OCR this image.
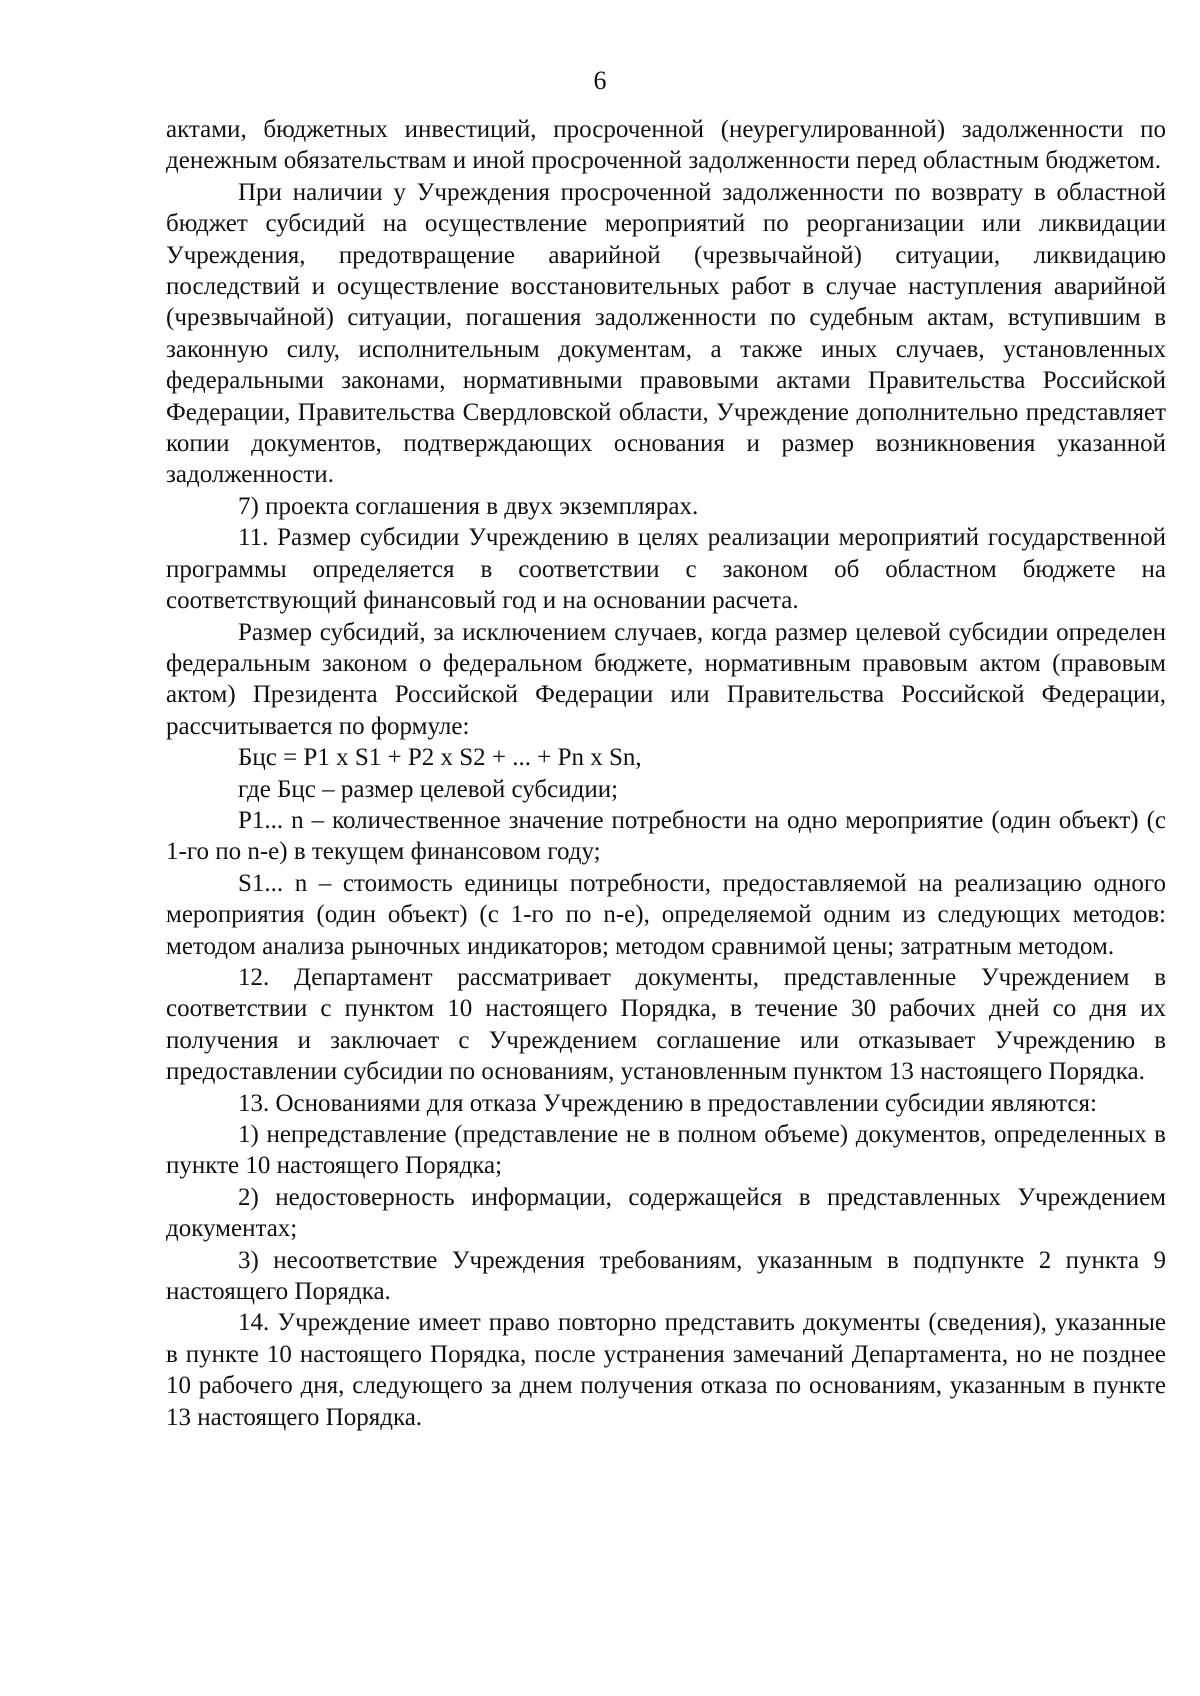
6

актами, бюджетных инвестиций, просроченной (неурегулированной) задолженности по денежным обязательствам и иной просроченной задолженности перед областным бюджетом.

При наличии у Учреждения просроченной задолженности по возврату в областной бюджет субсидий на осуществление мероприятий по реорганизации или ликвидации Учреждения, предотвращение аварийной (чрезвычайной) ситуации, ликвидацию последствий и осуществление восстановительных работ в случае наступления аварийной (чрезвычайной) ситуации, погашения задолженности по судебным актам, вступившим в законную силу, исполнительным документам, а также иных случаев, установленных федеральными законами, нормативными правовыми актами Правительства Российской Федерации, Правительства Свердловской области, Учреждение дополнительно представляет копии документов, подтверждающих основания и размер возникновения указанной задолженности.

7) проекта соглашения в двух экземплярах.

11. Размер субсидии Учреждению в целях реализации мероприятий государственной программы определяется в соответствии с законом об областном бюджете на соответствующий финансовый год и на основании расчета.

Размер субсидий, за исключением случаев, когда размер целевой субсидии определен федеральным законом о федеральном бюджете, нормативным правовым актом (правовым актом) Президента Российской Федерации или Правительства Российской Федерации, рассчитывается по формуле:

Бцс = P1 x S1 + P2 x S2 + ... + Pn x Sn,

где Бцс – размер целевой субсидии;

P1... n – количественное значение потребности на одно мероприятие (один объект) (с 1-го по n-е) в текущем финансовом году;

S1... n – стоимость единицы потребности, предоставляемой на реализацию одного мероприятия (один объект) (с 1-го по n-е), определяемой одним из следующих методов: методом анализа рыночных индикаторов; методом сравнимой цены; затратным методом.

12. Департамент рассматривает документы, представленные Учреждением в соответствии с пунктом 10 настоящего Порядка, в течение 30 рабочих дней со дня их получения и заключает с Учреждением соглашение или отказывает Учреждению в предоставлении субсидии по основаниям, установленным пунктом 13 настоящего Порядка.

13. Основаниями для отказа Учреждению в предоставлении субсидии являются:

1) непредставление (представление не в полном объеме) документов, определенных в пункте 10 настоящего Порядка;

2) недостоверность информации, содержащейся в представленных Учреждением документах;

3) несоответствие Учреждения требованиям, указанным в подпункте 2 пункта 9 настоящего Порядка.

14. Учреждение имеет право повторно представить документы (сведения), указанные в пункте 10 настоящего Порядка, после устранения замечаний Департамента, но не позднее 10 рабочего дня, следующего за днем получения отказа по основаниям, указанным в пункте 13 настоящего Порядка.
